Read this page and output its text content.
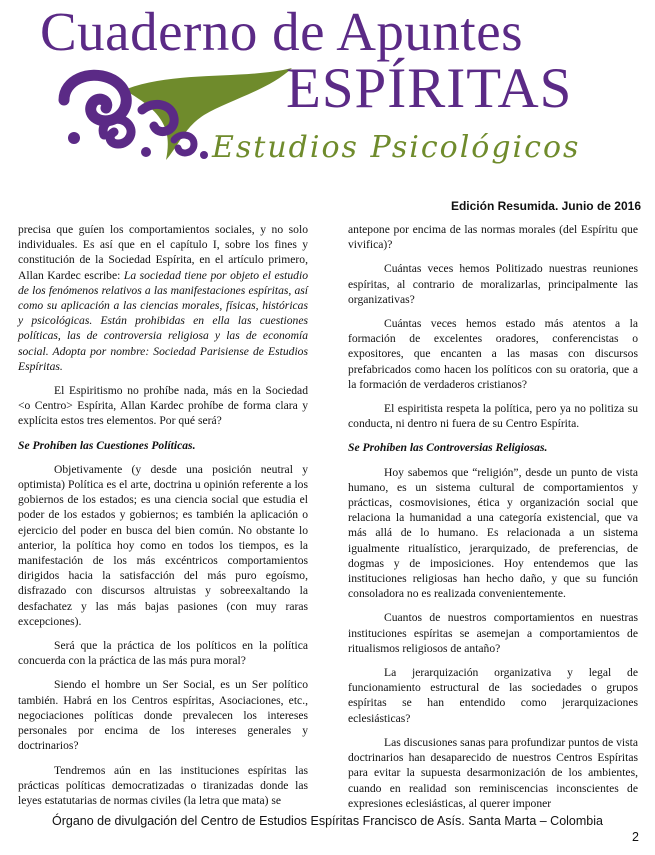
Cuaderno de Apuntes
ESPÍRITAS
Estudios Psicológicos
Edición Resumida. Junio de 2016

precisa que guíen los comportamientos sociales, y no solo individuales. Es así que en el capítulo I, sobre los fines y constitución de la Sociedad Espírita, en el artículo primero, Allan Kardec escribe: La sociedad tiene por objeto el estudio de los fenómenos relativos a las manifestaciones espíritas, así como su aplicación a las ciencias morales, físicas, históricas y psicológicas. Están prohibidas en ella las cuestiones políticas, las de controversia religiosa y las de economía social. Adopta por nombre: Sociedad Parisiense de Estudios Espíritas.

El Espiritismo no prohíbe nada, más en la Sociedad <o Centro> Espírita, Allan Kardec prohíbe de forma clara y explícita estos tres elementos. Por qué será?

Se Prohíben las Cuestiones Políticas.

Objetivamente (y desde una posición neutral y optimista) Política es el arte, doctrina u opinión referente a los gobiernos de los estados; es una ciencia social que estudia el poder de los estados y gobiernos; es también la aplicación o ejercicio del poder en busca del bien común. No obstante lo anterior, la política hoy como en todos los tiempos, es la manifestación de los más excéntricos comportamientos dirigidos hacia la satisfacción del más puro egoísmo, disfrazado con discursos altruistas y sobreexaltando la desfachatez y las más bajas pasiones (con muy raras excepciones).

Será que la práctica de los políticos en la política concuerda con la práctica de las más pura moral?

Siendo el hombre un Ser Social, es un Ser político también. Habrá en los Centros espíritas, Asociaciones, etc., negociaciones políticas donde prevalecen los intereses personales por encima de los intereses generales y doctrinarios?

Tendremos aún en las instituciones espíritas las prácticas políticas democratizadas o tiranizadas donde las leyes estatutarias de normas civiles (la letra que mata) se

antepone por encima de las normas morales (del Espíritu que vivifica)?

Cuántas veces hemos Politizado nuestras reuniones espíritas, al contrario de moralizarlas, principalmente las organizativas?

Cuántas veces hemos estado más atentos a la formación de excelentes oradores, conferencistas o expositores, que encanten a las masas con discursos prefabricados como hacen los políticos con su oratoria, que a la formación de verdaderos cristianos?

El espiritista respeta la política, pero ya no politiza su conducta, ni dentro ni fuera de su Centro Espírita.

Se Prohíben las Controversias Religiosas.

Hoy sabemos que “religión”, desde un punto de vista humano, es un sistema cultural de comportamientos y prácticas, cosmovisiones, ética y organización social que relaciona la humanidad a una categoría existencial, que va más allá de lo humano. Es relacionada a un sistema igualmente ritualístico, jerarquizado, de preferencias, de dogmas y de imposiciones. Hoy entendemos que las instituciones religiosas han hecho daño, y que su función consoladora no es realizada convenientemente.

Cuantos de nuestros comportamientos en nuestras instituciones espíritas se asemejan a comportamientos de ritualismos religiosos de antaño?

La jerarquización organizativa y legal de funcionamiento estructural de las sociedades o grupos espíritas se han entendido como jerarquizaciones eclesiásticas?

Las discusiones sanas para profundizar puntos de vista doctrinarios han desaparecido de nuestros Centros Espíritas para evitar la supuesta desarmonización de los ambientes, cuando en realidad son reminiscencias inconscientes de expresiones eclesiásticas, al querer imponer

Órgano de divulgación del Centro de Estudios Espíritas Francisco de Asís. Santa Marta – Colombia
2
